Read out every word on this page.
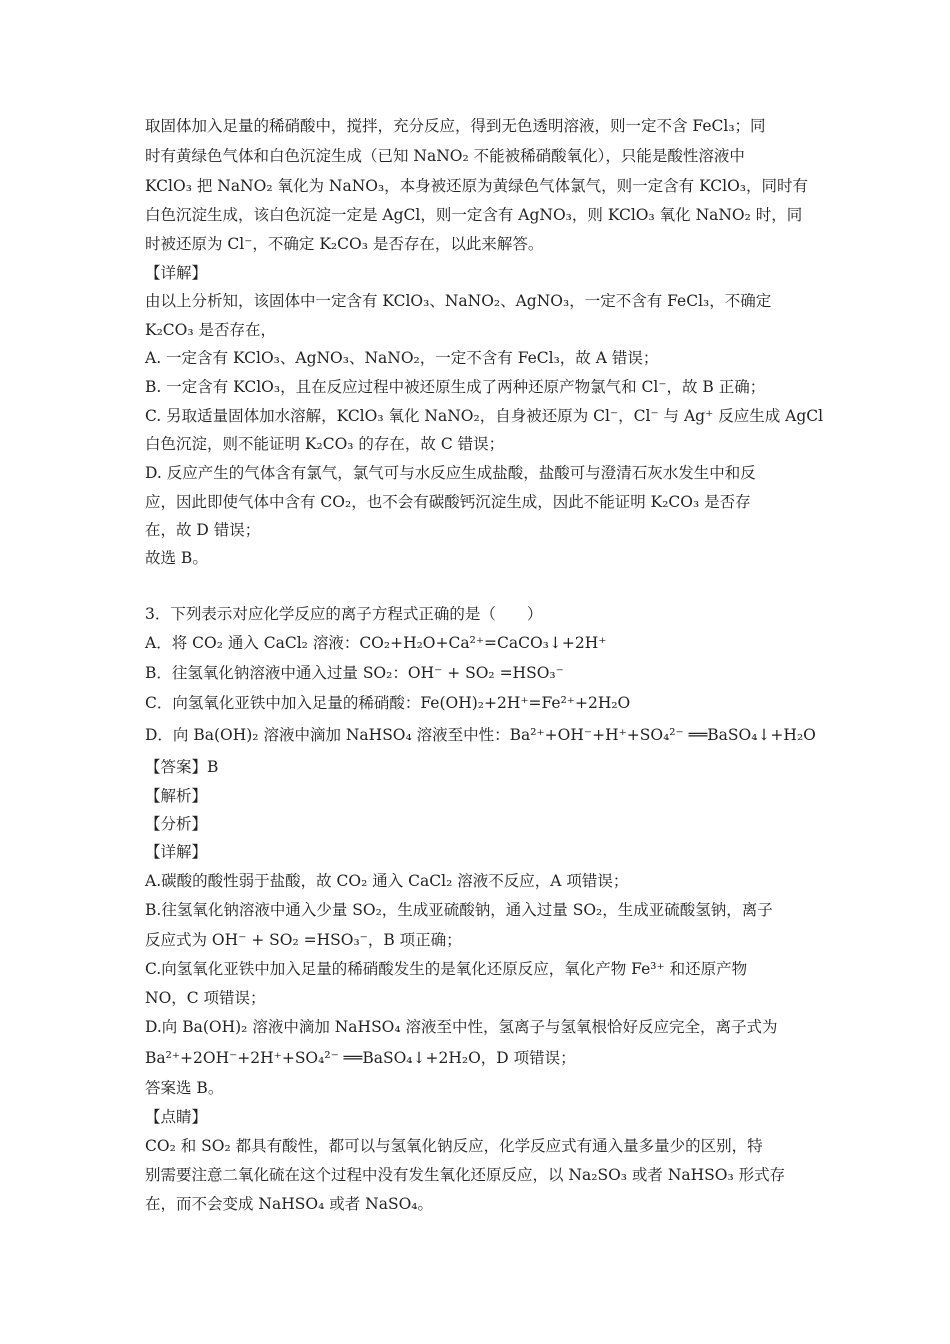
取固体加入足量的稀硝酸中，搅拌，充分反应，得到无色透明溶液，则一定不含 FeCl₃；同
时有黄绿色气体和白色沉淀生成（已知 NaNO₂ 不能被稀硝酸氧化），只能是酸性溶液中
KClO₃ 把 NaNO₂ 氧化为 NaNO₃，本身被还原为黄绿色气体氯气，则一定含有 KClO₃，同时有
白色沉淀生成，该白色沉淀一定是 AgCl，则一定含有 AgNO₃，则 KClO₃ 氧化 NaNO₂ 时，同
时被还原为 Cl⁻，不确定 K₂CO₃ 是否存在，以此来解答。
【详解】
由以上分析知，该固体中一定含有 KClO₃、NaNO₂、AgNO₃，一定不含有 FeCl₃，不确定
K₂CO₃ 是否存在，
A. 一定含有 KClO₃、AgNO₃、NaNO₂，一定不含有 FeCl₃，故 A 错误；
B. 一定含有 KClO₃，且在反应过程中被还原生成了两种还原产物氯气和 Cl⁻，故 B 正确；
C. 另取适量固体加水溶解，KClO₃ 氧化 NaNO₂，自身被还原为 Cl⁻，Cl⁻ 与 Ag⁺ 反应生成 AgCl
白色沉淀，则不能证明 K₂CO₃ 的存在，故 C 错误；
D. 反应产生的气体含有氯气，氯气可与水反应生成盐酸，盐酸可与澄清石灰水发生中和反
应，因此即使气体中含有 CO₂，也不会有碳酸钙沉淀生成，因此不能证明 K₂CO₃ 是否存
在，故 D 错误；
故选 B。
3．下列表示对应化学反应的离子方程式正确的是（　　）
A．将 CO₂ 通入 CaCl₂ 溶液：CO₂+H₂O+Ca²⁺=CaCO₃↓+2H⁺
B．往氢氧化钠溶液中通入过量 SO₂：OH⁻ + SO₂ =HSO₃⁻
C．向氢氧化亚铁中加入足量的稀硝酸：Fe(OH)₂+2H⁺=Fe²⁺+2H₂O
D．向 Ba(OH)₂ 溶液中滴加 NaHSO₄ 溶液至中性：Ba²⁺+OH⁻+H⁺+SO₄²⁻ ══BaSO₄↓+H₂O
【答案】B
【解析】
【分析】
【详解】
A.碳酸的酸性弱于盐酸，故 CO₂ 通入 CaCl₂ 溶液不反应，A 项错误；
B.往氢氧化钠溶液中通入少量 SO₂，生成亚硫酸钠，通入过量 SO₂，生成亚硫酸氢钠，离子
反应式为 OH⁻ + SO₂ =HSO₃⁻，B 项正确；
C.向氢氧化亚铁中加入足量的稀硝酸发生的是氧化还原反应，氧化产物 Fe³⁺ 和还原产物
NO，C 项错误；
D.向 Ba(OH)₂ 溶液中滴加 NaHSO₄ 溶液至中性，氢离子与氢氧根恰好反应完全，离子式为
Ba²⁺+2OH⁻+2H⁺+SO₄²⁻ ══BaSO₄↓+2H₂O，D 项错误；
答案选 B。
【点睛】
CO₂ 和 SO₂ 都具有酸性，都可以与氢氧化钠反应，化学反应式有通入量多量少的区别，特
别需要注意二氧化硫在这个过程中没有发生氧化还原反应，以 Na₂SO₃ 或者 NaHSO₃ 形式存
在，而不会变成 NaHSO₄ 或者 NaSO₄。
